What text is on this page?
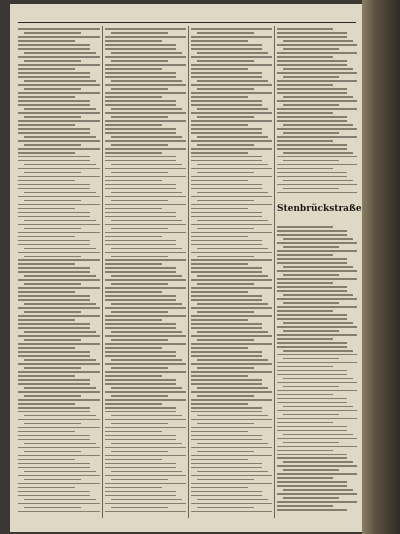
Stenbrückstraße
